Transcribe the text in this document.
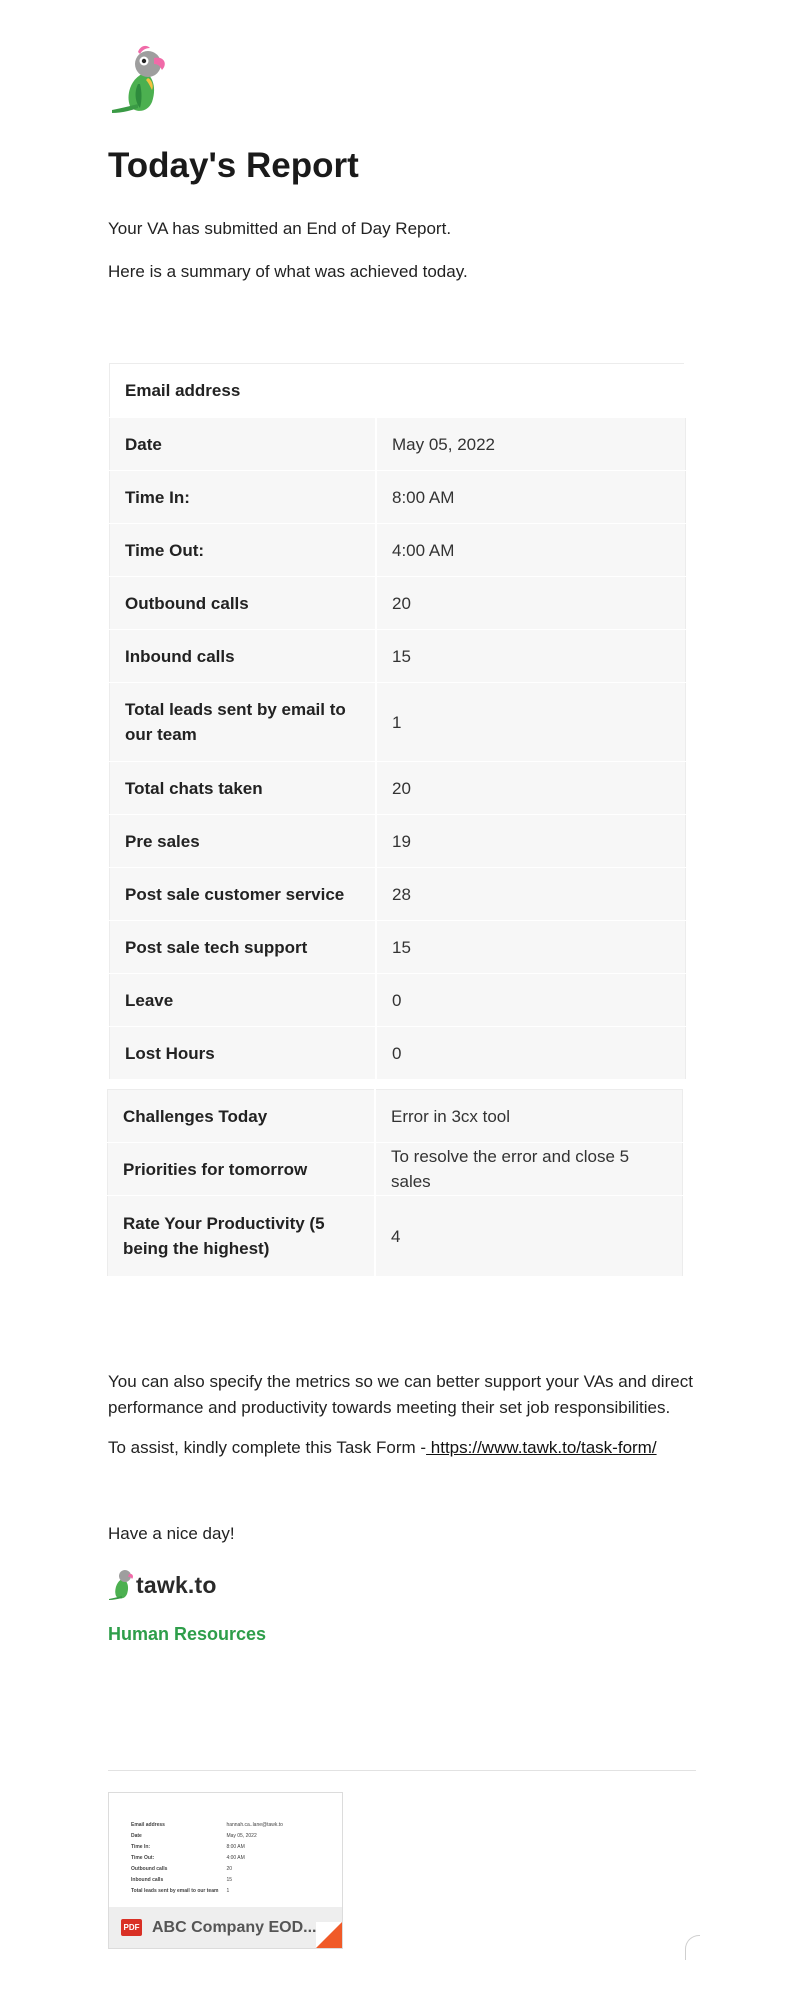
Today's Report
Your VA has submitted an End of Day Report.
Here is a summary of what was achieved today.
Email address	
Date	May 05, 2022
Time In:	8:00 AM
Time Out:	4:00 AM
Outbound calls	20
Inbound calls	15
Total leads sent by email to our team	1
Total chats taken	20
Pre sales	19
Post sale customer service	28
Post sale tech support	15
Leave	0
Lost Hours	0
Challenges Today	Error in 3cx tool
Priorities for tomorrow	To resolve the error and close 5 sales
Rate Your Productivity (5 being the highest)	4

You can also specify the metrics so we can better support your VAs and direct performance and productivity towards meeting their set job responsibilities.

To assist, kindly complete this Task Form - https://www.tawk.to/task-form/
Have a nice day!
tawk.to
Human Resources
Email address	hannah.ca..lane@tawk.to
Date	May 05, 2022
Time In:	8:00 AM
Time Out:	4:00 AM
Outbound calls	20
Inbound calls	15
Total leads sent by email to our team	1
PDF ABC Company EOD...
